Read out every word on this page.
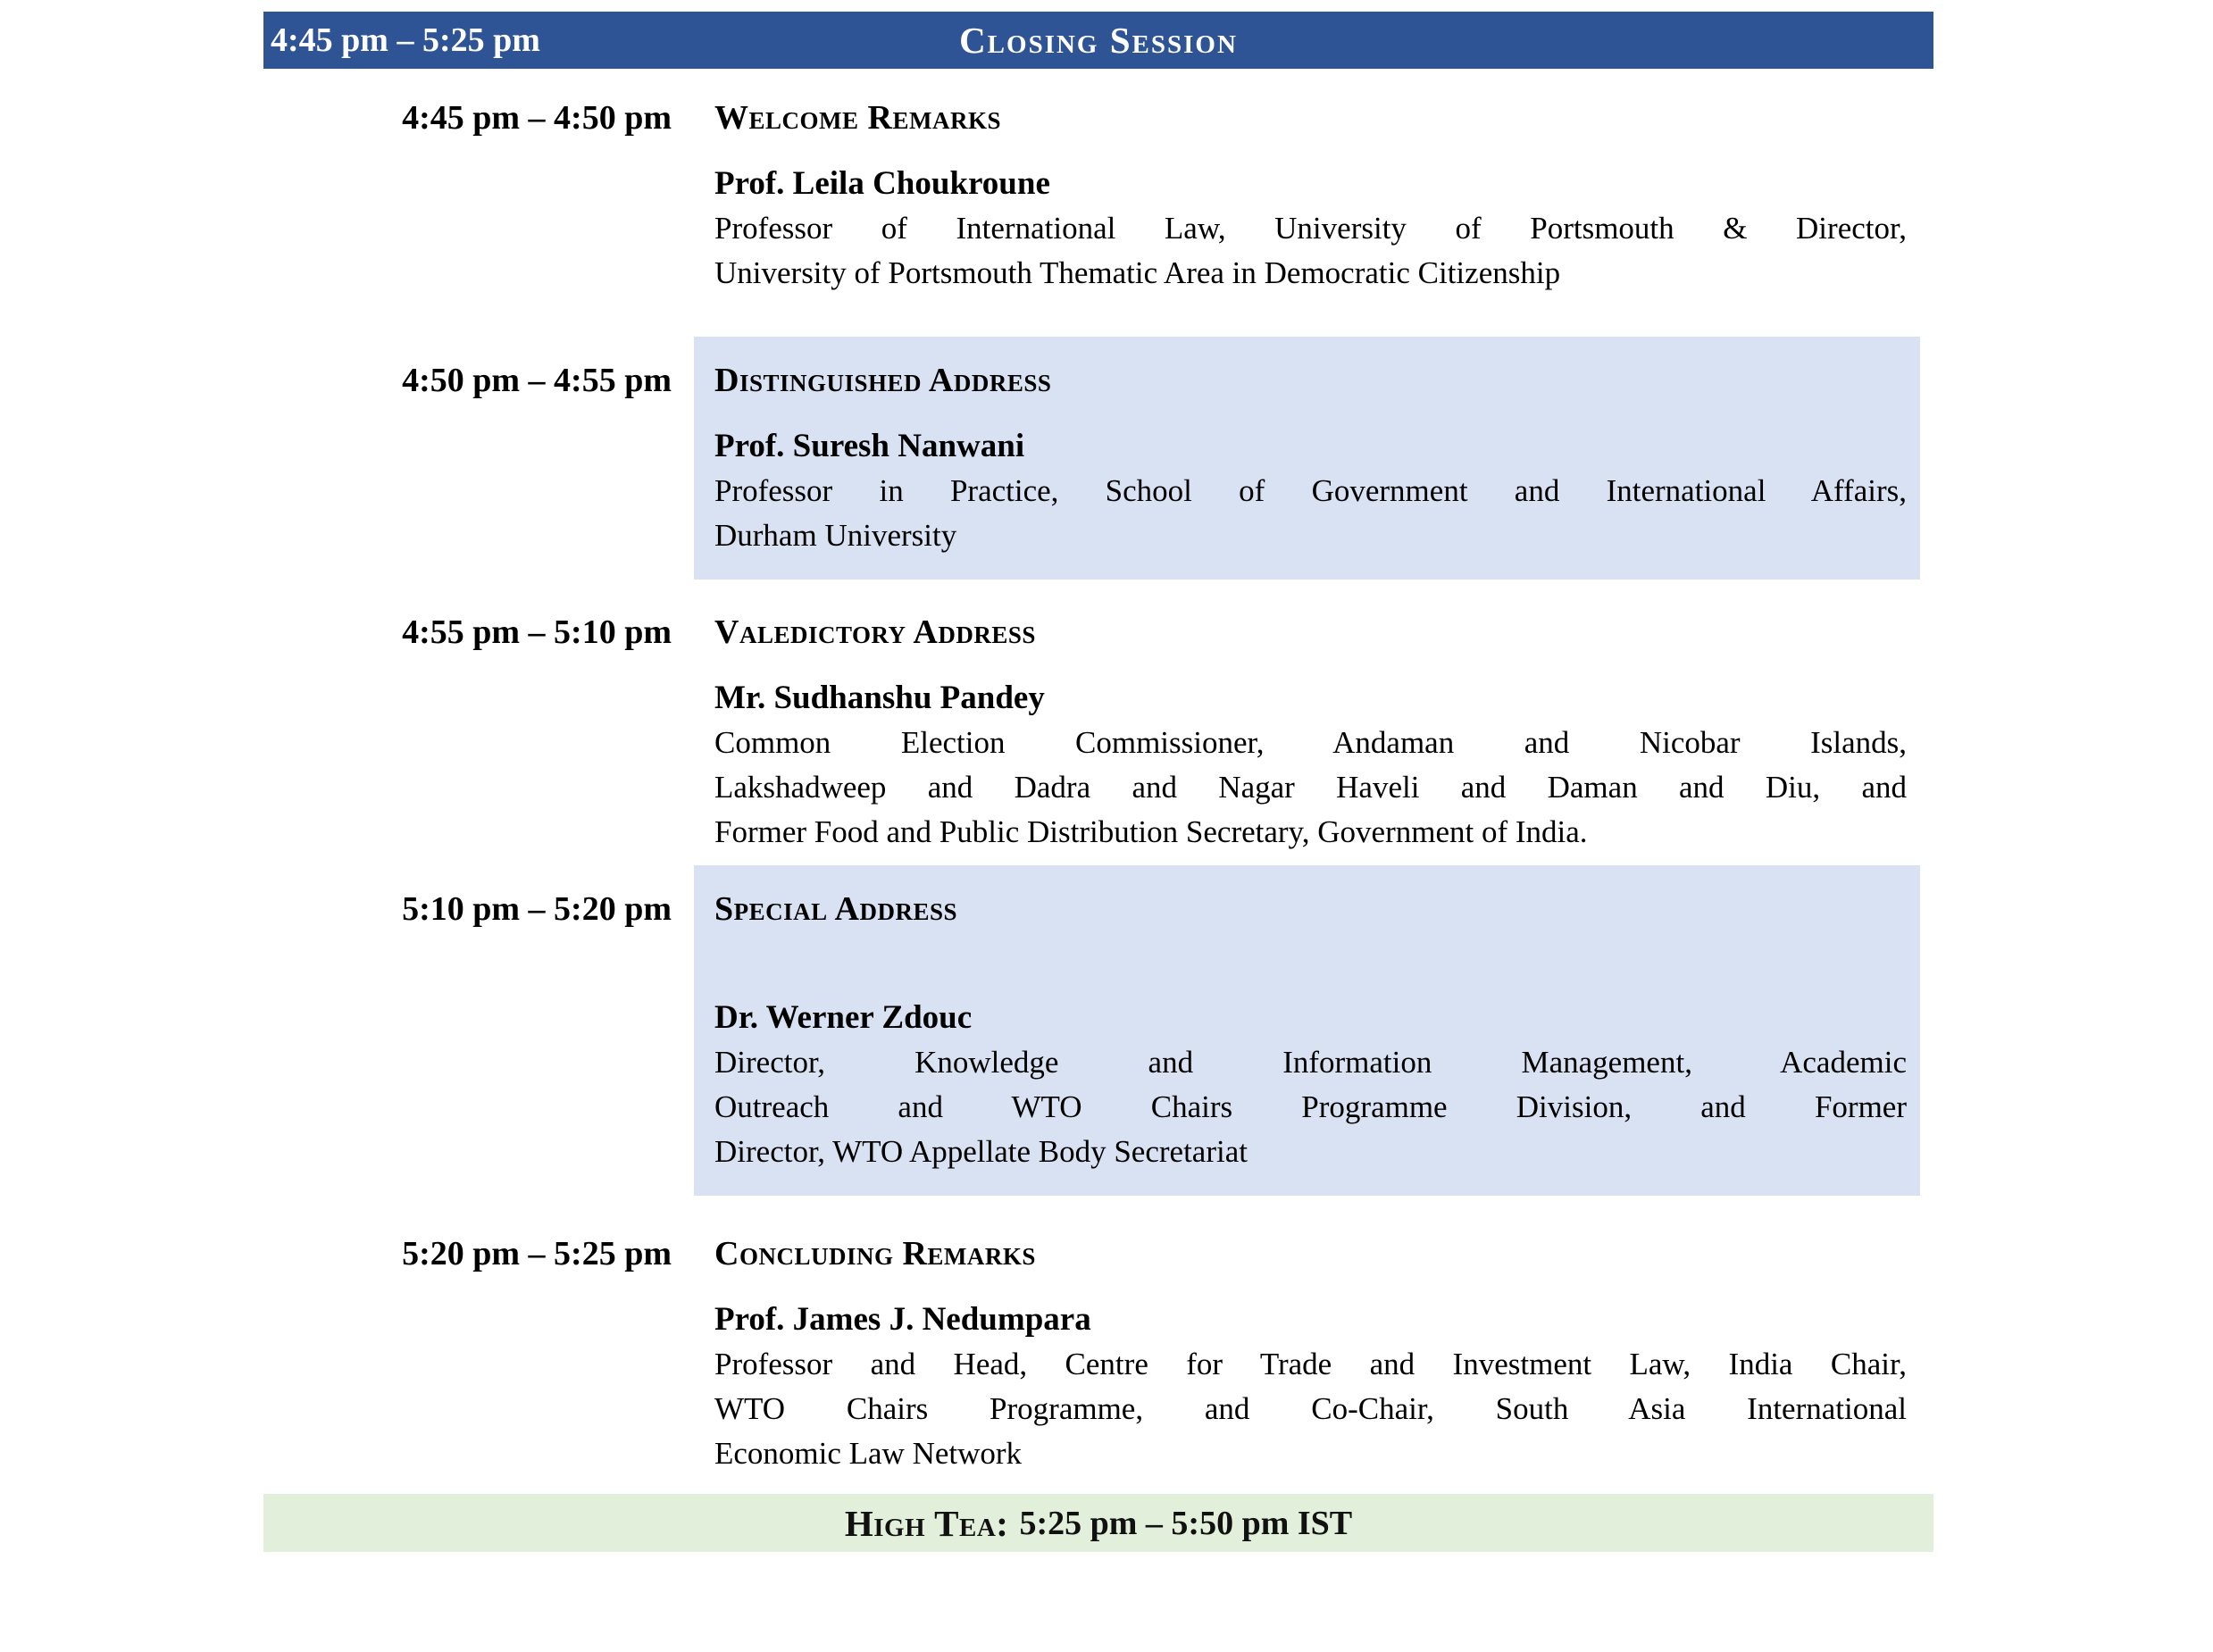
4:45 pm – 5:25 pm	Closing Session
4:45 pm – 4:50 pm	Welcome Remarks
Prof. Leila Choukroune
Professor of International Law, University of Portsmouth & Director,
University of Portsmouth Thematic Area in Democratic Citizenship
4:50 pm – 4:55 pm	Distinguished Address
Prof. Suresh Nanwani
Professor in Practice, School of Government and International Affairs,
Durham University
4:55 pm – 5:10 pm	Valedictory Address
Mr. Sudhanshu Pandey
Common Election Commissioner, Andaman and Nicobar Islands,
Lakshadweep and Dadra and Nagar Haveli and Daman and Diu, and
Former Food and Public Distribution Secretary, Government of India.
5:10 pm – 5:20 pm	Special Address
Dr. Werner Zdouc
Director, Knowledge and Information Management, Academic
Outreach and WTO Chairs Programme Division, and Former
Director, WTO Appellate Body Secretariat
5:20 pm – 5:25 pm	Concluding Remarks
Prof. James J. Nedumpara
Professor and Head, Centre for Trade and Investment Law, India Chair,
WTO Chairs Programme, and Co-Chair, South Asia International
Economic Law Network
High Tea: 5:25 pm – 5:50 pm IST
